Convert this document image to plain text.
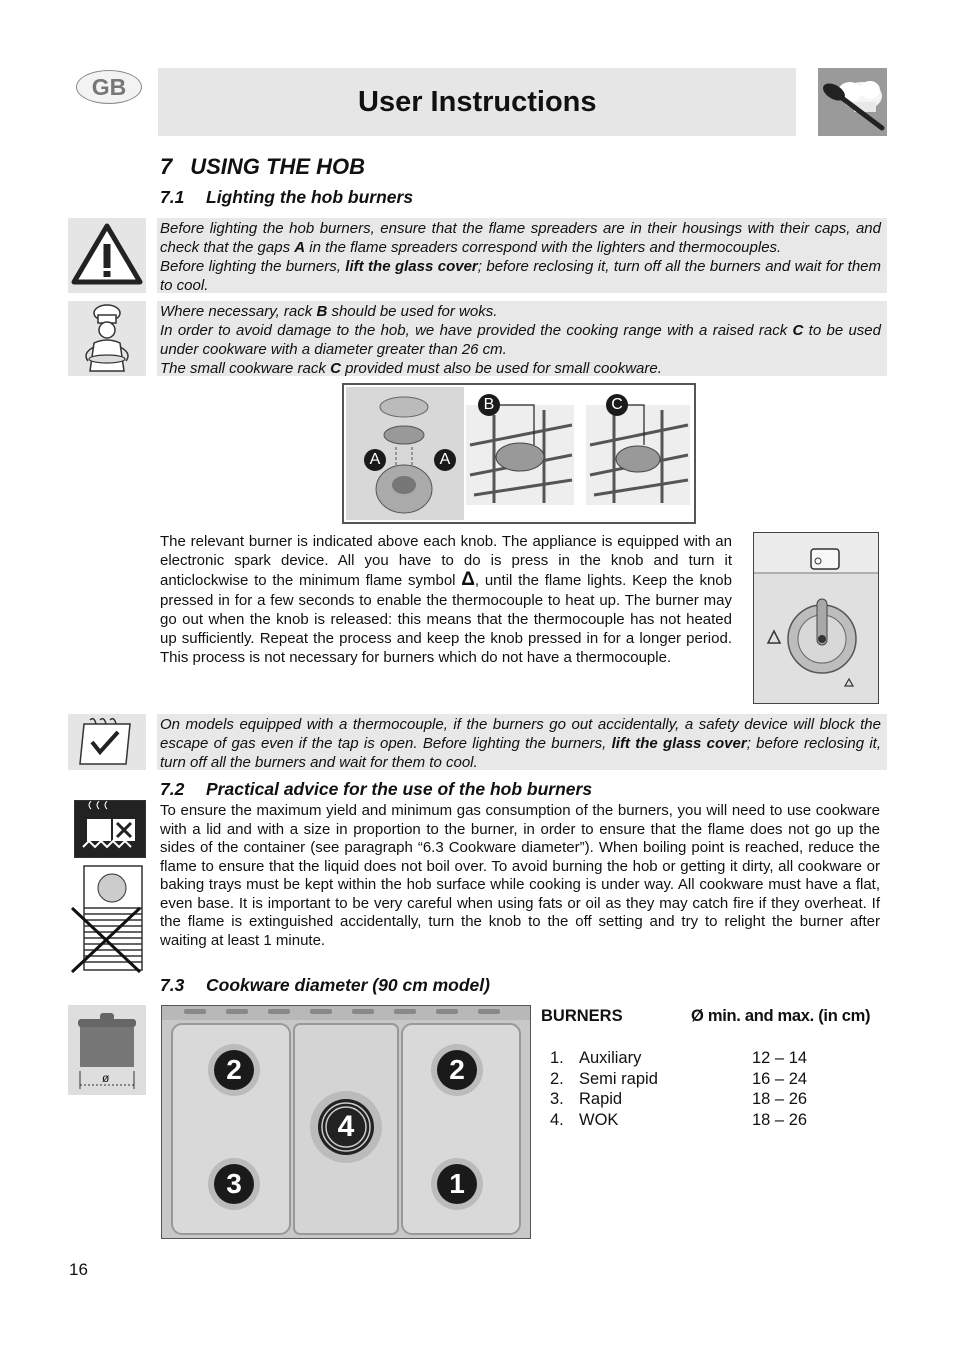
GB	User Instructions
7 USING THE HOB
7.1 Lighting the hob burners

Before lighting the hob burners, ensure that the flame spreaders are in their housings with their caps, and check that the gaps A in the flame spreaders correspond with the lighters and thermocouples.

Before lighting the burners, lift the glass cover; before reclosing it, turn off all the burners and wait for them to cool.

Where necessary, rack B should be used for woks.

In order to avoid damage to the hob, we have provided the cooking range with a raised rack C to be used under cookware with a diameter greater than 26 cm.

The small cookware rack C provided must also be used for small cookware.

A	A
B	C
The relevant burner is indicated above each knob. The appliance is equipped with an electronic spark device. All you have to do is press in the knob and turn it anticlockwise to the minimum flame symbol Δ, until the flame lights. Keep the knob pressed in for a few seconds to enable the thermocouple to heat up. The burner may go out when the knob is released: this means that the thermocouple has not heated up sufficiently. Repeat the process and keep the knob pressed in for a longer period. This process is not necessary for burners which do not have a thermocouple.

On models equipped with a thermocouple, if the burners go out accidentally, a safety device will block the escape of gas even if the tap is open. Before lighting the burners, lift the glass cover; before reclosing it, turn off all the burners and wait for them to cool.

7.2 Practical advice for the use of the hob burners
To ensure the maximum yield and minimum gas consumption of the burners, you will need to use cookware with a lid and with a size in proportion to the burner, in order to ensure that the flame does not go up the sides of the container (see paragraph “6.3 Cookware diameter”). When boiling point is reached, reduce the flame to ensure that the liquid does not boil over. To avoid burning the hob or getting it dirty, all cookware or baking trays must be kept within the hob surface while cooking is under way. All cookware must have a flat, even base. It is important to be very careful when using fats or oil as they may catch fire if they overheat. If the flame is extinguished accidentally, turn the knob to the off setting and try to relight the burner after waiting at least 1 minute.
7.3 Cookware diameter (90 cm model)
ø	2	2
4
3	1
BURNERS	Ø min. and max. (in cm)
1. Auxiliary	12 – 14
2. Semi rapid	16 – 24
3. Rapid	18 – 26
4. WOK	18 – 26
16
